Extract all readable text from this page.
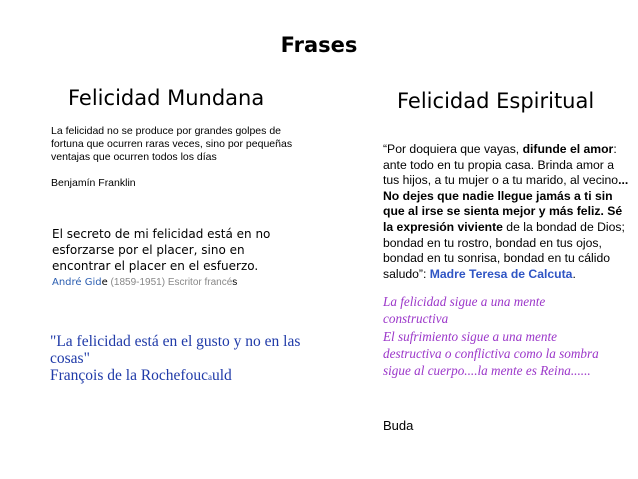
Frases
Felicidad Mundana	Felicidad Espiritual
La felicidad no se produce por grandes golpes de fortuna que ocurren raras veces, sino por pequeñas ventajas que ocurren todos los días
Benjamín Franklin
El secreto de mi felicidad está en no esforzarse por el placer, sino en encontrar el placer en el esfuerzo.
André Gide (1859-1951) Escritor francés
"La felicidad está en el gusto y no en las cosas"
François de la Rochefoucauld
“Por doquiera que vayas, difunde el amor: ante todo en tu propia casa. Brinda amor a tus hijos, a tu mujer o a tu marido, al vecino... No dejes que nadie llegue jamás a ti sin que al irse se sienta mejor y más feliz. Sé la expresión viviente de la bondad de Dios; bondad en tu rostro, bondad en tus ojos, bondad en tu sonrisa, bondad en tu cálido saludo”: Madre Teresa de Calcuta.
La felicidad sigue a una mente
constructiva
El sufrimiento sigue a una mente
destructiva o conflictiva como la sombra
sigue al cuerpo....la mente es Reina......
Buda
